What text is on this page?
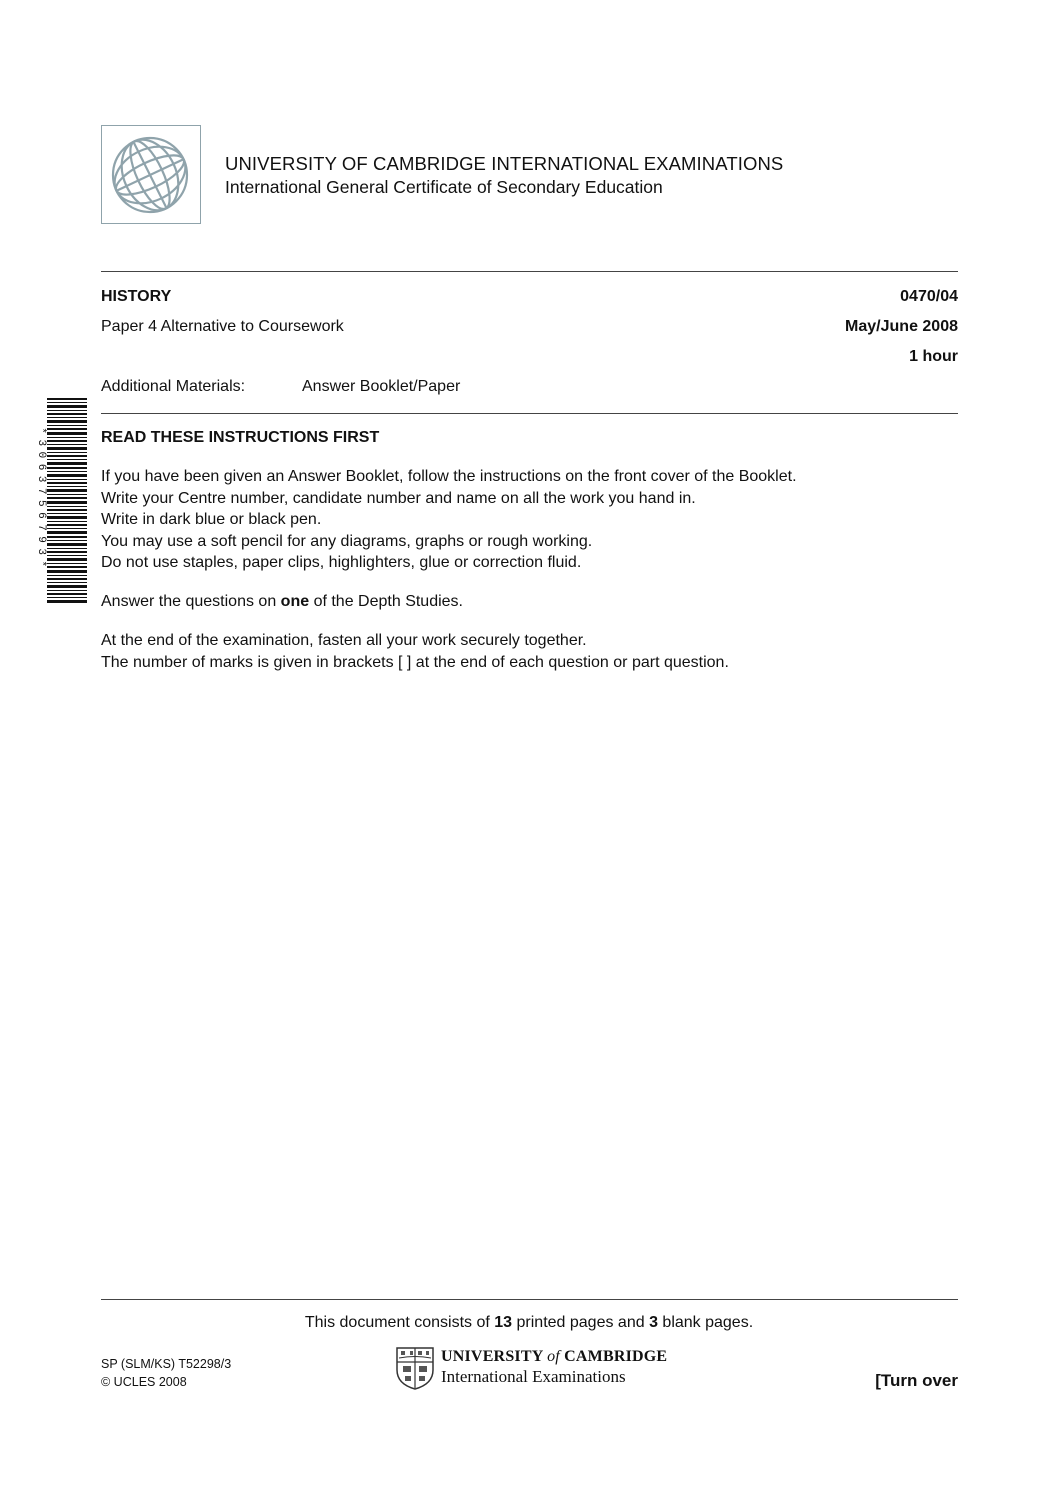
UNIVERSITY OF CAMBRIDGE INTERNATIONAL EXAMINATIONS
International General Certificate of Secondary Education
HISTORY	0470/04
Paper 4 Alternative to Coursework	May/June 2008
1 hour
Additional Materials:	Answer Booklet/Paper
*3063756793*	READ THESE INSTRUCTIONS FIRST
If you have been given an Answer Booklet, follow the instructions on the front cover of the Booklet.
Write your Centre number, candidate number and name on all the work you hand in.
Write in dark blue or black pen.
You may use a soft pencil for any diagrams, graphs or rough working.
Do not use staples, paper clips, highlighters, glue or correction fluid.
Answer the questions on one of the Depth Studies.
At the end of the examination, fasten all your work securely together.
The number of marks is given in brackets [ ] at the end of each question or part question.
This document consists of 13 printed pages and 3 blank pages.
SP (SLM/KS) T52298/3
© UCLES 2008
UNIVERSITY of CAMBRIDGE
International Examinations	[Turn over
